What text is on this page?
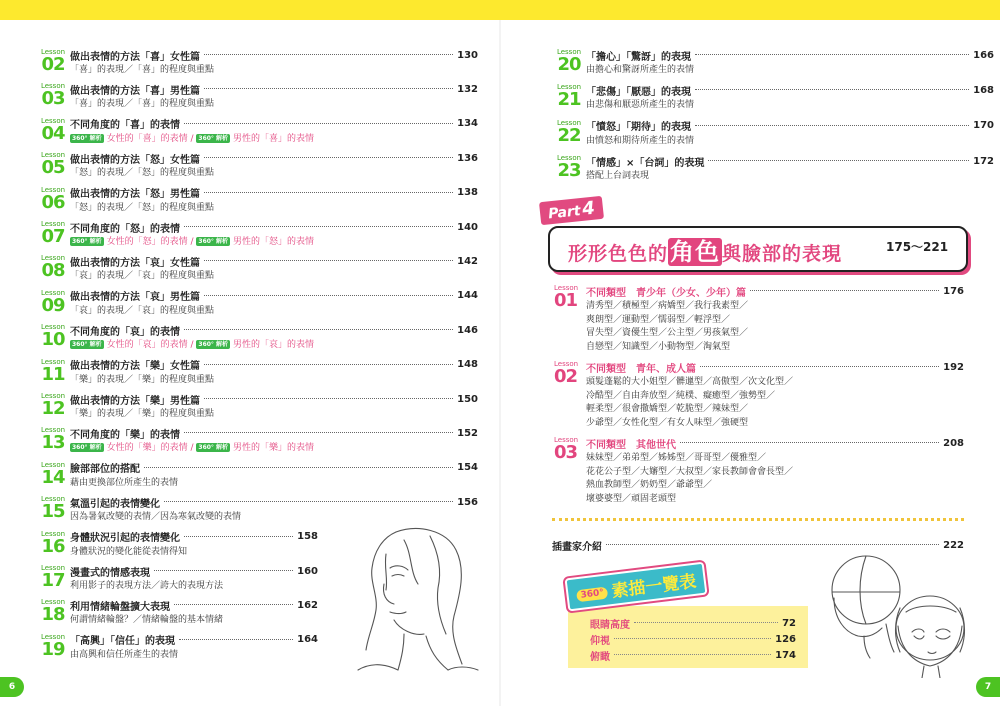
Lesson
02 做出表情的方法「喜」女性篇	130
「喜」的表現／「喜」的程度與重點
Lesson
03 做出表情的方法「喜」男性篇	132
「喜」的表現／「喜」的程度與重點
Lesson
04 不同角度的「喜」的表情	134
360° 解析 女性的「喜」的表情 / 360° 解析 男性的「喜」的表情
Lesson
05 做出表情的方法「怒」女性篇	136
「怒」的表現／「怒」的程度與重點
Lesson
06 做出表情的方法「怒」男性篇	138
「怒」的表現／「怒」的程度與重點
Lesson
07 不同角度的「怒」的表情	140
360° 解析 女性的「怒」的表情 / 360° 解析 男性的「怒」的表情
Lesson
08 做出表情的方法「哀」女性篇	142
「哀」的表現／「哀」的程度與重點
Lesson
09 做出表情的方法「哀」男性篇	144
「哀」的表現／「哀」的程度與重點
Lesson
10 不同角度的「哀」的表情	146
360° 解析 女性的「哀」的表情 / 360° 解析 男性的「哀」的表情
Lesson
11 做出表情的方法「樂」女性篇	148
「樂」的表現／「樂」的程度與重點
Lesson
12 做出表情的方法「樂」男性篇	150
「樂」的表現／「樂」的程度與重點
Lesson
13 不同角度的「樂」的表情	152
360° 解析 女性的「樂」的表情 / 360° 解析 男性的「樂」的表情
Lesson
14 臉部部位的搭配	154
藉由更換部位所產生的表情
Lesson
15 氣溫引起的表情變化	156
因為暑氣改變的表情／因為寒氣改變的表情
Lesson
16 身體狀況引起的表情變化	158
身體狀況的變化能從表情得知
Lesson
17 漫畫式的情感表現	160
利用影子的表現方法／誇大的表現方法
Lesson
18 利用情緒輪盤擴大表現	162
何謂情緒輪盤？／情緒輪盤的基本情緒
Lesson
19 「高興」「信任」的表現	164
由高興和信任所產生的表情
Lesson
20 「擔心」「驚訝」的表現	166
由擔心和驚訝所產生的表情
Lesson
21 「悲傷」「厭惡」的表現	168
由悲傷和厭惡所產生的表情
Lesson
22 「憤怒」「期待」的表現	170
由憤怒和期待所產生的表情
Lesson
23 「情感」×「台詞」的表現	172
搭配上台詞表現
Part4
形形色色的角色 與臉部的表現	175～221
Lesson
01 不同類型　青少年（少女、少年）篇	176
清秀型／積極型／病嬌型／我行我素型／
爽朗型／運動型／懦弱型／輕浮型／
冒失型／資優生型／公主型／男孩氣型／
自戀型／知識型／小動物型／淘氣型
Lesson
02 不同類型　青年、成人篇	192
頭髮蓬鬆的大小姐型／髒邋型／高傲型／次文化型／
冷酷型／自由奔放型／純樸、癡癒型／強勢型／
輕柔型／很會撒嬌型／乾脆型／辣妹型／
少爺型／女性化型／有女人味型／強硬型
Lesson
03 不同類型　其他世代	208
妹妹型／弟弟型／姊姊型／哥哥型／優雅型／
花花公子型／大嬸型／大叔型／家長教師會會長型／
熱血教師型／奶奶型／爺爺型／
壞婆婆型／頑固老頭型
插畫家介紹	222
360° 素描一覽表
眼睛高度	72
仰視	126
俯瞰	174
6	7
